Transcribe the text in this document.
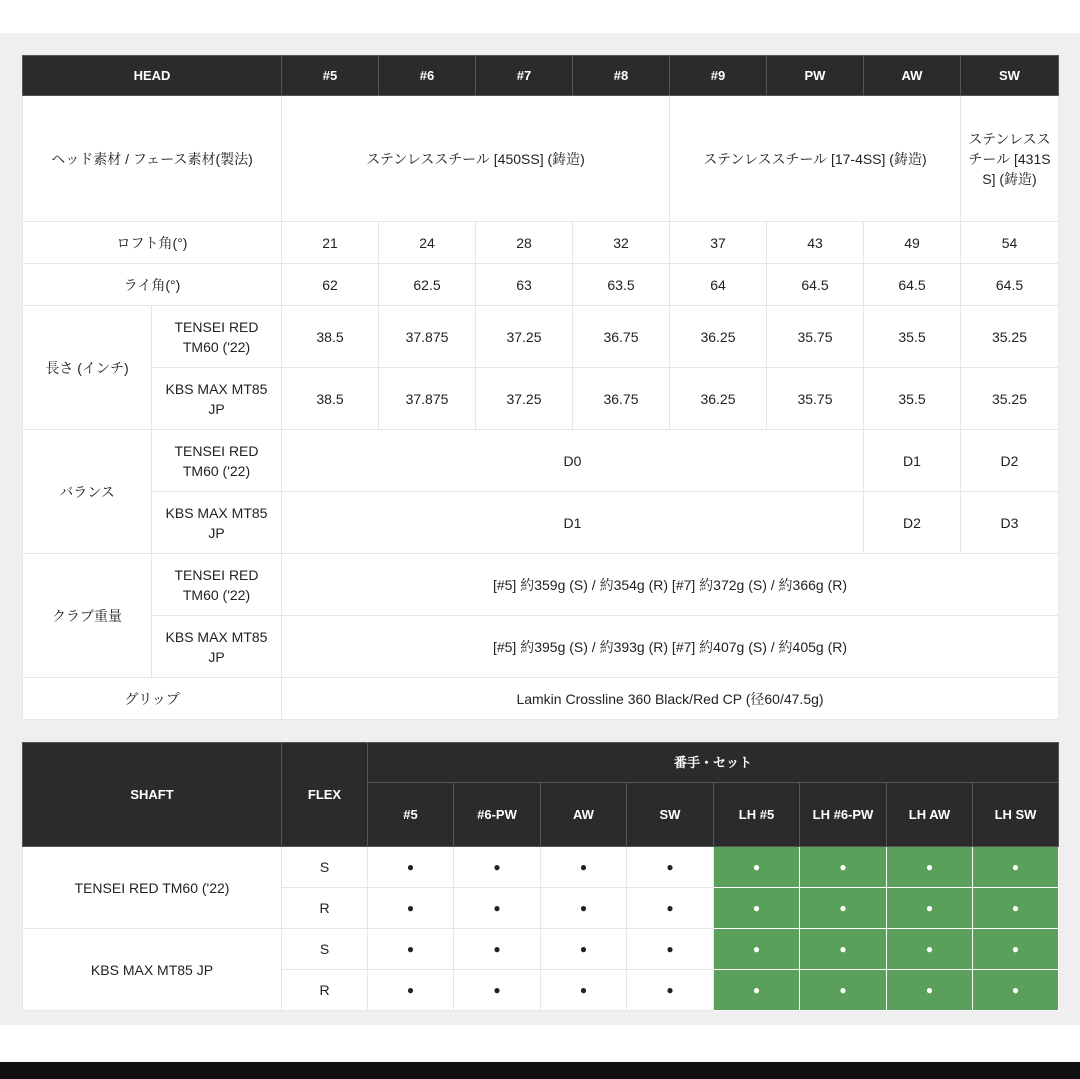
HEAD		#5	#6	#7	#8	#9	PW	AW	SW
ヘッド素材 / フェース素材(製法)		ステンレススチール [450SS] (鋳造)				ステンレススチール [17-4SS] (鋳造)			ステンレススチール [431SS] (鋳造)
ロフト角(°)		21	24	28	32	37	43	49	54
ライ角(°)		62	62.5	63	63.5	64	64.5	64.5	64.5
長さ (インチ)	TENSEI RED TM60 ('22)	38.5	37.875	37.25	36.75	36.25	35.75	35.5	35.25
	KBS MAX MT85 JP	38.5	37.875	37.25	36.75	36.25	35.75	35.5	35.25
バランス	TENSEI RED TM60 ('22)	D0						D1	D2
	KBS MAX MT85 JP	D1						D2	D3
クラブ重量	TENSEI RED TM60 ('22)	[#5] 約359g (S) / 約354g (R) [#7] 約372g (S) / 約366g (R)							
	KBS MAX MT85 JP	[#5] 約395g (S) / 約393g (R) [#7] 約407g (S) / 約405g (R)							
グリップ		Lamkin Crossline 360 Black/Red CP (径60/47.5g)							
SHAFT	FLEX	番手・セット							
		#5	#6-PW	AW	SW	LH #5	LH #6-PW	LH AW	LH SW
TENSEI RED TM60 ('22)	S	●	●	●	●	●	●	●	●
	R	●	●	●	●	●	●	●	●
KBS MAX MT85 JP	S	●	●	●	●	●	●	●	●
	R	●	●	●	●	●	●	●	●
